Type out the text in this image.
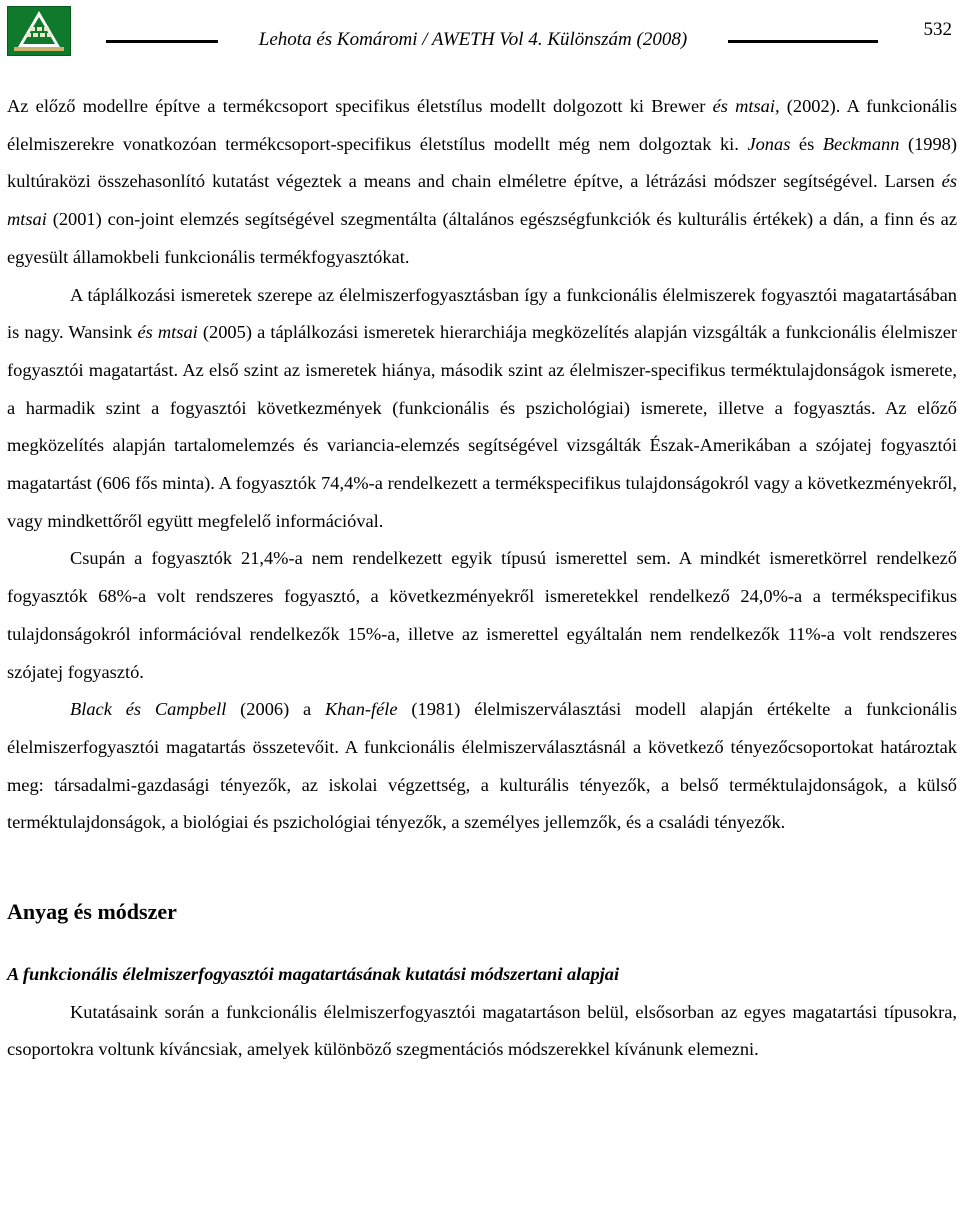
Lehota és Komáromi / AWETH Vol 4. Különszám (2008)	532

Az előző modellre építve a termékcsoport specifikus életstílus modellt dolgozott ki Brewer és mtsai, (2002). A funkcionális élelmiszerekre vonatkozóan termékcsoport-specifikus életstílus modellt még nem dolgoztak ki. Jonas és Beckmann (1998) kultúraközi összehasonlító kutatást végeztek a means and chain elméletre építve, a létrázási módszer segítségével. Larsen és mtsai (2001) con-joint elemzés segítségével szegmentálta (általános egészségfunkciók és kulturális értékek) a dán, a finn és az egyesült államokbeli funkcionális termékfogyasztókat.

A táplálkozási ismeretek szerepe az élelmiszerfogyasztásban így a funkcionális élelmiszerek fogyasztói magatartásában is nagy. Wansink és mtsai (2005) a táplálkozási ismeretek hierarchiája megközelítés alapján vizsgálták a funkcionális élelmiszer fogyasztói magatartást. Az első szint az ismeretek hiánya, második szint az élelmiszer-specifikus terméktulajdonságok ismerete, a harmadik szint a fogyasztói következmények (funkcionális és pszichológiai) ismerete, illetve a fogyasztás. Az előző megközelítés alapján tartalomelemzés és variancia-elemzés segítségével vizsgálták Észak-Amerikában a szójatej fogyasztói magatartást (606 fős minta). A fogyasztók 74,4%-a rendelkezett a termékspecifikus tulajdonságokról vagy a következményekről, vagy mindkettőről együtt megfelelő információval.

Csupán a fogyasztók 21,4%-a nem rendelkezett egyik típusú ismerettel sem. A mindkét ismeretkörrel rendelkező fogyasztók 68%-a volt rendszeres fogyasztó, a következményekről ismeretekkel rendelkező 24,0%-a a termékspecifikus tulajdonságokról információval rendelkezők 15%-a, illetve az ismerettel egyáltalán nem rendelkezők 11%-a volt rendszeres szójatej fogyasztó.

Black és Campbell (2006) a Khan-féle (1981) élelmiszerválasztási modell alapján értékelte a funkcionális élelmiszerfogyasztói magatartás összetevőit. A funkcionális élelmiszerválasztásnál a következő tényezőcsoportokat határoztak meg: társadalmi-gazdasági tényezők, az iskolai végzettség, a kulturális tényezők, a belső terméktulajdonságok, a külső terméktulajdonságok, a biológiai és pszichológiai tényezők, a személyes jellemzők, és a családi tényezők.

Anyag és módszer
A funkcionális élelmiszerfogyasztói magatartásának kutatási módszertani alapjai

Kutatásaink során a funkcionális élelmiszerfogyasztói magatartáson belül, elsősorban az egyes magatartási típusokra, csoportokra voltunk kíváncsiak, amelyek különböző szegmentációs módszerekkel kívánunk elemezni.
